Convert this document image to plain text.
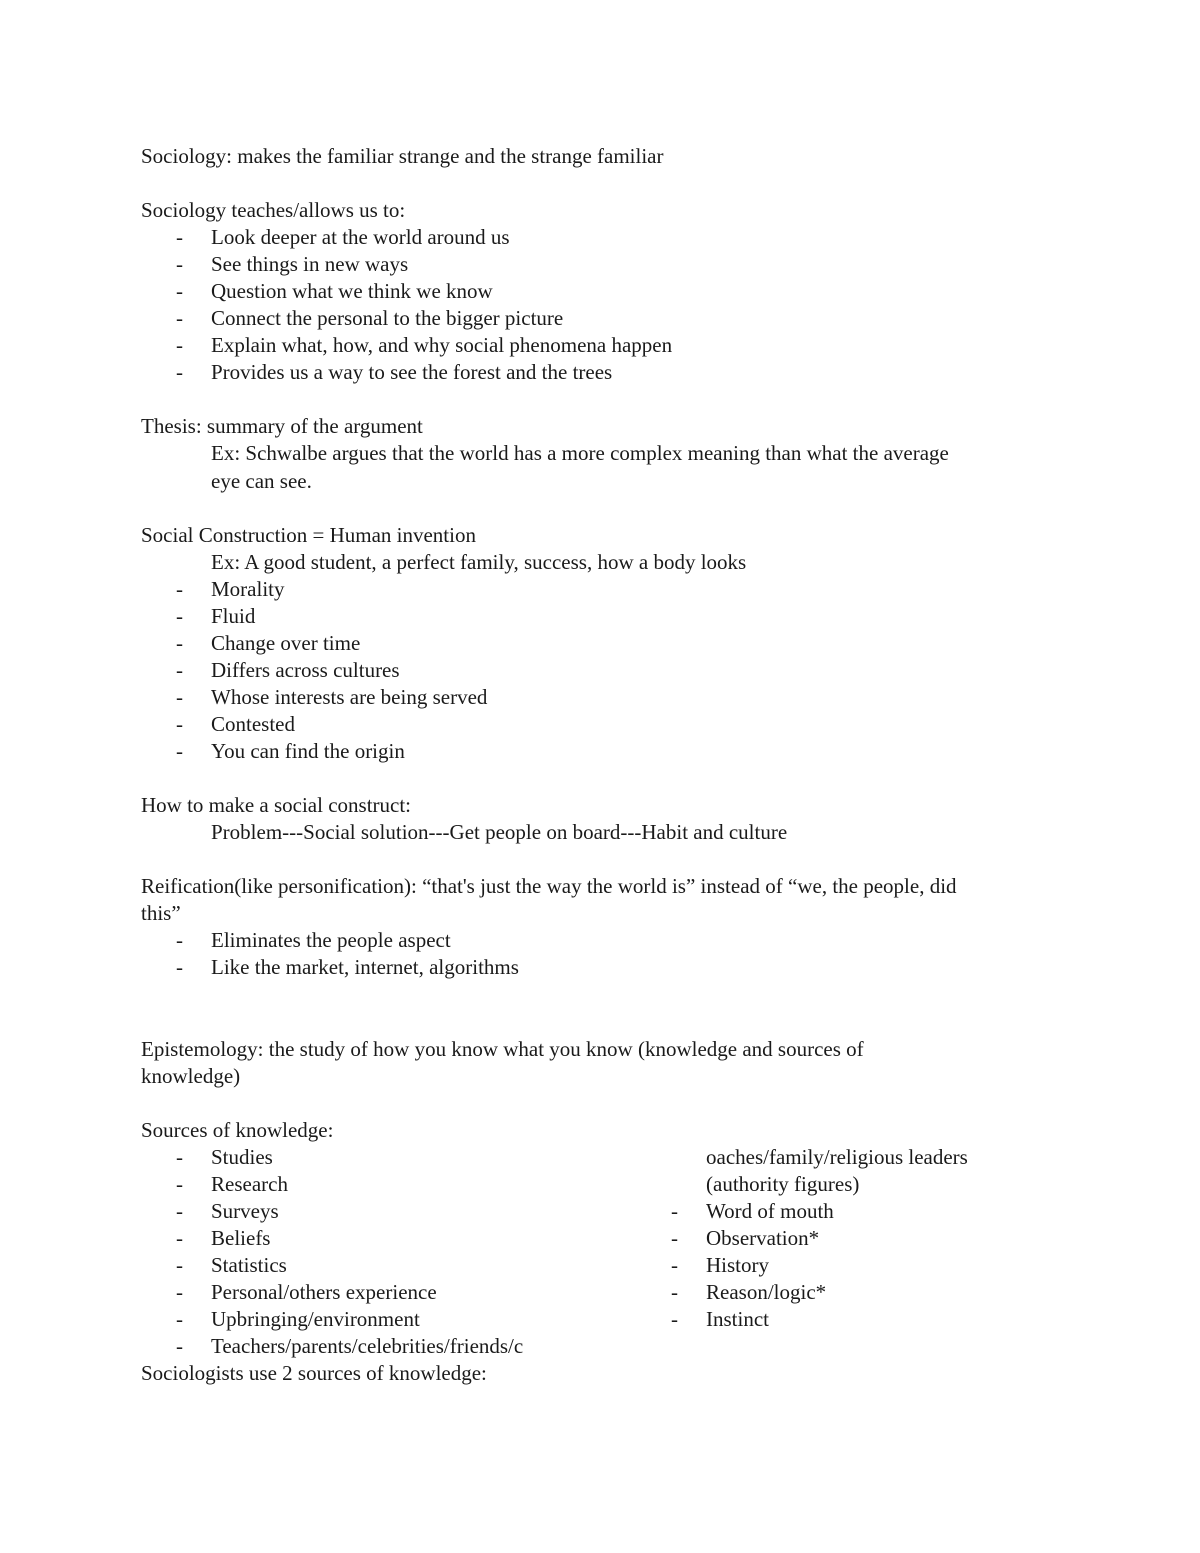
Sociology: makes the familiar strange and the strange familiar
Sociology teaches/allows us to:
-	Look deeper at the world around us
-	See things in new ways
-	Question what we think we know
-	Connect the personal to the bigger picture
-	Explain what, how, and why social phenomena happen
-	Provides us a way to see the forest and the trees
Thesis: summary of the argument
Ex: Schwalbe argues that the world has a more complex meaning than what the average
eye can see.
Social Construction = Human invention
Ex: A good student, a perfect family, success, how a body looks
-	Morality
-	Fluid
-	Change over time
-	Differs across cultures
-	Whose interests are being served
-	Contested
-	You can find the origin
How to make a social construct:
Problem---Social solution---Get people on board---Habit and culture
Reification(like personification): “that's just the way the world is” instead of “we, the people, did
this”
-	Eliminates the people aspect
-	Like the market, internet, algorithms
Epistemology: the study of how you know what you know (knowledge and sources of
knowledge)
Sources of knowledge:
-	Studies
-	Research
-	Surveys
-	Beliefs
-	Statistics
-	Personal/others experience
-	Upbringing/environment
-	Teachers/parents/celebrities/friends/c
oaches/family/religious leaders
(authority figures)
-	Word of mouth
-	Observation*
-	History
-	Reason/logic*
-	Instinct
Sociologists use 2 sources of knowledge:
